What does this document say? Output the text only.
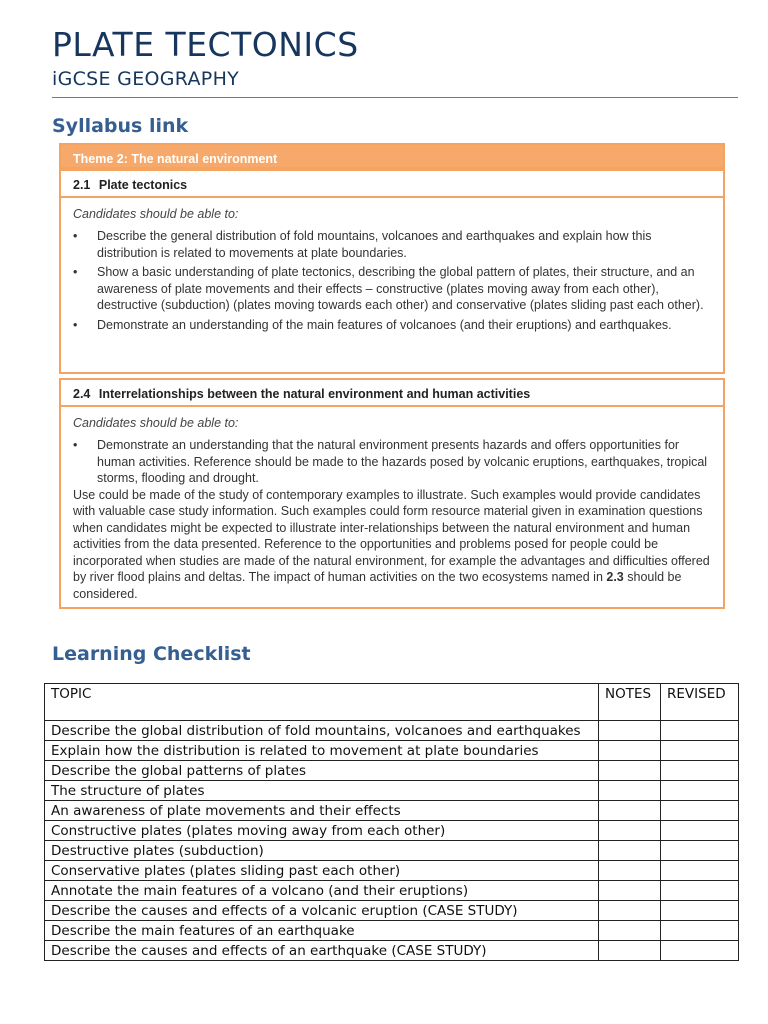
PLATE TECTONICS
iGCSE GEOGRAPHY
Syllabus link
Theme 2: The natural environment
2.1 Plate tectonics
Candidates should be able to:
• Describe the general distribution of fold mountains, volcanoes and earthquakes and explain how this distribution is related to movements at plate boundaries.
• Show a basic understanding of plate tectonics, describing the global pattern of plates, their structure, and an awareness of plate movements and their effects – constructive (plates moving away from each other), destructive (subduction) (plates moving towards each other) and conservative (plates sliding past each other).
• Demonstrate an understanding of the main features of volcanoes (and their eruptions) and earthquakes.
2.4 Interrelationships between the natural environment and human activities
Candidates should be able to:
• Demonstrate an understanding that the natural environment presents hazards and offers opportunities for human activities. Reference should be made to the hazards posed by volcanic eruptions, earthquakes, tropical storms, flooding and drought.
Use could be made of the study of contemporary examples to illustrate. Such examples would provide candidates with valuable case study information. Such examples could form resource material given in examination questions when candidates might be expected to illustrate inter-relationships between the natural environment and human activities from the data presented. Reference to the opportunities and problems posed for people could be incorporated when studies are made of the natural environment, for example the advantages and difficulties offered by river flood plains and deltas. The impact of human activities on the two ecosystems named in 2.3 should be considered.
Learning Checklist
TOPIC	NOTES	REVISED
Describe the global distribution of fold mountains, volcanoes and earthquakes		
Explain how the distribution is related to movement at plate boundaries		
Describe the global patterns of plates		
The structure of plates		
An awareness of plate movements and their effects		
Constructive plates (plates moving away from each other)		
Destructive plates (subduction)		
Conservative plates (plates sliding past each other)		
Annotate the main features of a volcano (and their eruptions)		
Describe the causes and effects of a volcanic eruption (CASE STUDY)		
Describe the main features of an earthquake		
Describe the causes and effects of an earthquake (CASE STUDY)		
